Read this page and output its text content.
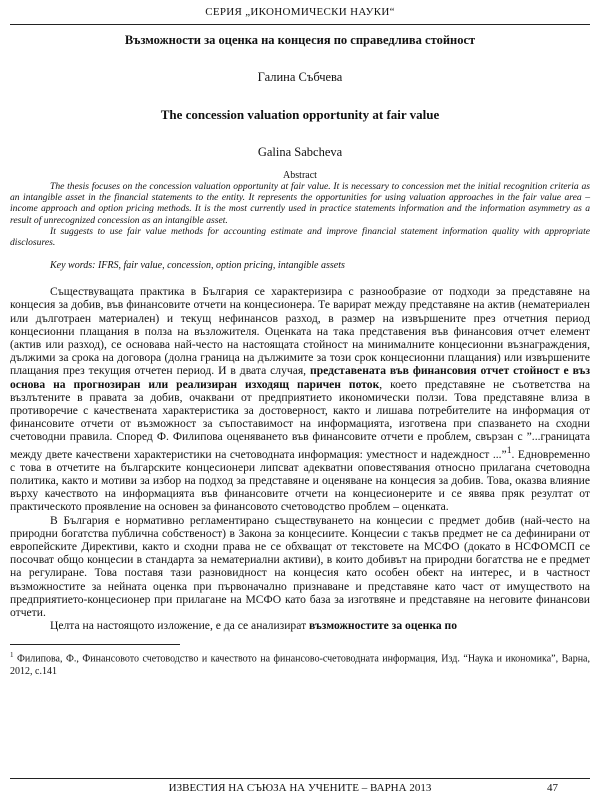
СЕРИЯ „ИКОНОМИЧЕСКИ НАУКИ“
Възможности за оценка на концесия по справедлива стойност
Галина Събчева
The concession valuation opportunity at fair value
Galina Sabcheva
Abstract

The thesis focuses on the concession valuation opportunity at fair value. It is necessary to concession met the initial recognition criteria as an intangible asset in the financial statements to the entity. It represents the opportunities for using valuation approaches in the fair value area – income approach and option pricing methods. It is the most currently used in practice statements information and the information asymmetry as a result of unrecognized concession as an intangible asset.

It suggests to use fair value methods for accounting estimate and improve financial statement information quality with appropriate disclosures.

Key words: IFRS, fair value, concession, option pricing, intangible assets

Съществуващата практика в България се характеризира с разнообразие от подходи за представяне на концесия за добив, във финансовите отчети на концесионера. Те варират между представяне на актив (нематериален или дълготраен материален) и текущ нефинансов разход, в размер на извършените през отчетния период концесионни плащания в полза на възложителя. Оценката на така представения във финансовия отчет елемент (актив или разход), се основава най-често на настоящата стойност на минималните концесионни възнаграждения, дължими за срока на договора (долна граница на дължимите за този срок концесионни плащания) или извършените плащания през текущия отчетен период. И в двата случая, представената във финансовия отчет стойност е въз основа на прогнозиран или реализиран изходящ паричен поток, което представяне не съответства на възлътените в правата за добив, очаквани от предприятието икономически ползи. Това представяне влиза в противоречие с качествената характеристика за достоверност, както и лишава потребителите на информация от финансовите отчети от възможност за съпоставимост на информацията, изготвена при спазването на сходни счетоводни правила. Според Ф. Филипова оценяването във финансовите отчети е проблем, свързан с ”...границата между двете качествени характеристики на счетоводната информация: уместност и надеждност ...”$^1$. Едновременно с това в отчетите на българските концесионери липсват адекватни оповестявания относно прилагана счетоводна политика, както и мотиви за избор на подход за представяне и оценяване на концесия за добив. Това, оказва влияние върху качеството на информацията във финансовите отчети на концесионерите и се явява пряк резултат от практическото проявление на основен за финансовото счетоводство проблем – оценката.

В България е нормативно регламентирано съществуването на концесии с предмет добив (най-често на природни богатства публична собственост) в Закона за концесиите. Концесии с такъв предмет не са дефинирани от европейските Директиви, както и сходни права не се обхващат от текстовете на МСФО (докато в НСФОМСП се посочват общо концесии в стандарта за нематериални активи), в които добивът на природни богатства не е предмет на регулиране. Това поставя тази разновидност на концесия като особен обект на интерес, и в частност възможностите за нейната оценка при първоначално признаване и представяне като част от имуществото на предприятието-концесионер при прилагане на МСФО като база за изготвяне и представяне на неговите финансови отчети.

Целта на настоящото изложение, е да се анализират възможностите за оценка по

$^1$ Филипова, Ф., Финансовото счетоводство и качеството на финансово-счетоводната информация, Изд. “Наука и икономика”, Варна, 2012, с.141
ИЗВЕСТИЯ НА СЪЮЗА НА УЧЕНИТЕ – ВАРНА 2013	47
